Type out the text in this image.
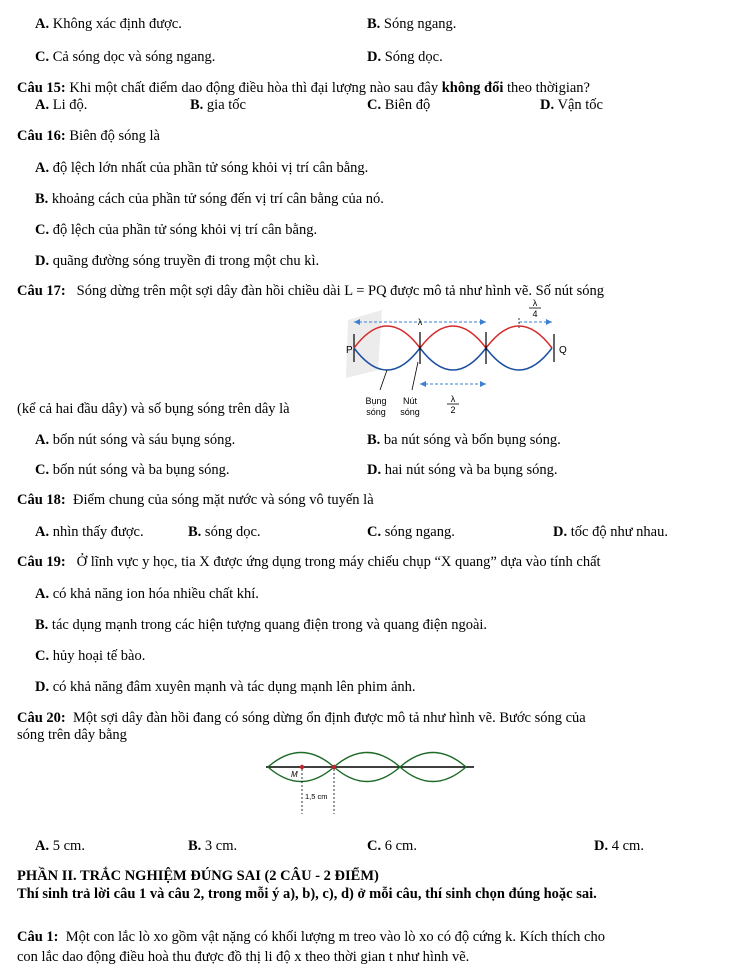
A. Không xác định được.	B. Sóng ngang.
C. Cả sóng dọc và sóng ngang.	D. Sóng dọc.
Câu 15: Khi một chất điểm dao động điều hòa thì đại lượng nào sau đây không đổi theo thờigian?
A. Li độ.	B. gia tốc	C. Biên độ	D. Vận tốc
Câu 16: Biên độ sóng là
A. độ lệch lớn nhất của phần tử sóng khỏi vị trí cân bằng.
B. khoảng cách của phần tử sóng đến vị trí cân bằng của nó.
C. độ lệch của phần tử sóng khỏi vị trí cân bằng.
D. quãng đường sóng truyền đi trong một chu kì.
Câu 17: Sóng dừng trên một sợi dây đàn hồi chiều dài L = PQ được mô tả như hình vẽ. Số nút sóng
λ
λ
4
P	Q
λ
2
Bụng
sóng
Nút
sóng
(kể cả hai đầu dây) và số bụng sóng trên dây là
A. bốn nút sóng và sáu bụng sóng.	B. ba nút sóng và bốn bụng sóng.
C. bốn nút sóng và ba bụng sóng.	D. hai nút sóng và ba bụng sóng.
Câu 18: Điểm chung của sóng mặt nước và sóng vô tuyến là
A. nhìn thấy được.	B. sóng dọc.	C. sóng ngang.	D. tốc độ như nhau.
Câu 19: Ở lĩnh vực y học, tia X được ứng dụng trong máy chiếu chụp “X quang” dựa vào tính chất
A. có khả năng ion hóa nhiều chất khí.
B. tác dụng mạnh trong các hiện tượng quang điện trong và quang điện ngoài.
C. hủy hoại tế bào.
D. có khả năng đâm xuyên mạnh và tác dụng mạnh lên phim ảnh.
Câu 20: Một sợi dây đàn hồi đang có sóng dừng ổn định được mô tả như hình vẽ. Bước sóng của
sóng trên dây bằng
M
1,5 cm
A. 5 cm.	B. 3 cm.	C. 6 cm.	D. 4 cm.
PHẦN II. TRẮC NGHIỆM ĐÚNG SAI (2 CÂU - 2 ĐIỂM)
Thí sinh trả lời câu 1 và câu 2, trong mỗi ý a), b), c), d) ở mỗi câu, thí sinh chọn đúng hoặc sai.
Câu 1: Một con lắc lò xo gồm vật nặng có khối lượng m treo vào lò xo có độ cứng k. Kích thích cho
con lắc dao động điều hoà thu được đồ thị li độ x theo thời gian t như hình vẽ.
